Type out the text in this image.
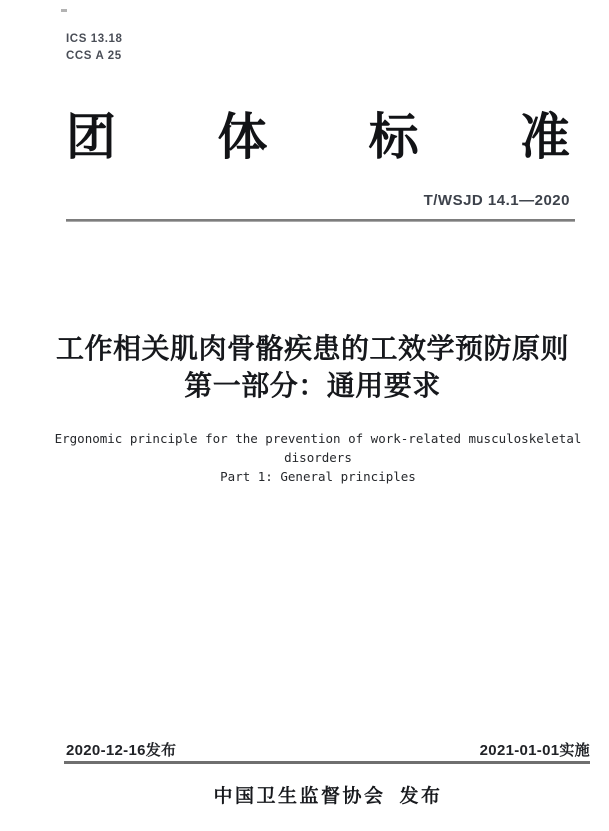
ICS 13.18
CCS A 25
团 体 标 准
T/WSJD 14.1—2020
工作相关肌肉骨骼疾患的工效学预防原则
第一部分：通用要求
Ergonomic principle for the prevention of work-related musculoskeletal
disorders
Part 1: General principles
2020-12-16发布	2021-01-01实施
中国卫生监督协会 发布
